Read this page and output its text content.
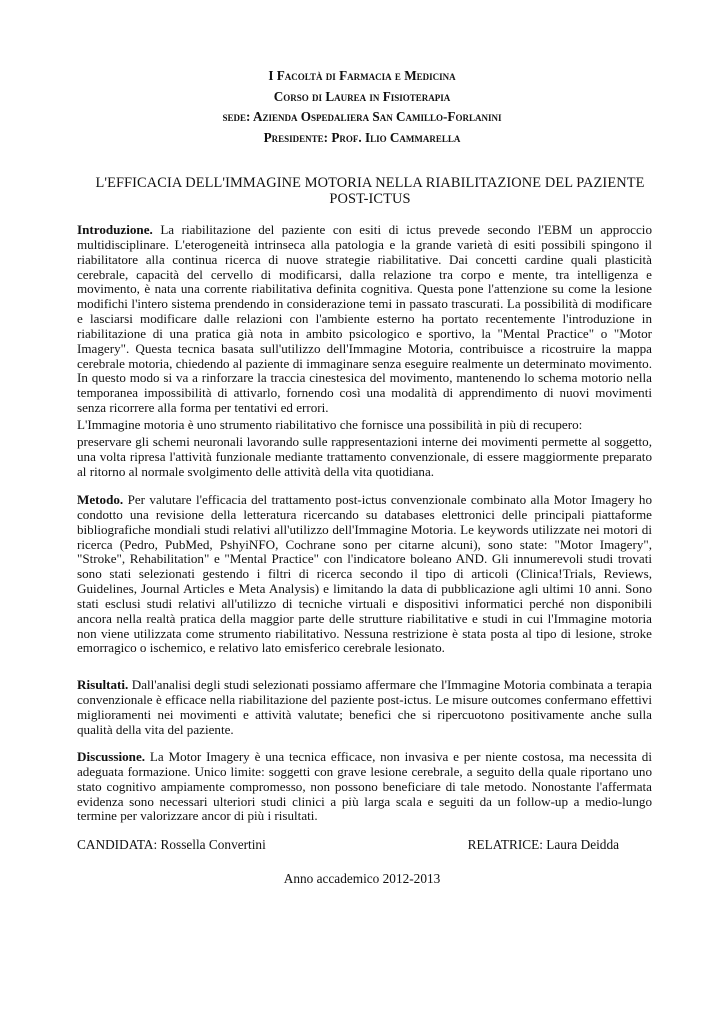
I Facoltà di Farmacia e Medicina
Corso di Laurea in Fisioterapia
sede: Azienda Ospedaliera San Camillo-Forlanini
Presidente: Prof. Ilio Cammarella
L'EFFICACIA DELL'IMMAGINE MOTORIA NELLA RIABILITAZIONE DEL PAZIENTE POST-ICTUS
Introduzione. La riabilitazione del paziente con esiti di ictus prevede secondo l'EBM un approccio multidisciplinare. L'eterogeneità intrinseca alla patologia e la grande varietà di esiti possibili spingono il riabilitatore alla continua ricerca di nuove strategie riabilitative. Dai concetti cardine quali plasticità cerebrale, capacità del cervello di modificarsi, dalla relazione tra corpo e mente, tra intelligenza e movimento, è nata una corrente riabilitativa definita cognitiva. Questa pone l'attenzione su come la lesione modifichi l'intero sistema prendendo in considerazione temi in passato trascurati. La possibilità di modificare e lasciarsi modificare dalle relazioni con l'ambiente esterno ha portato recentemente l'introduzione in riabilitazione di una pratica già nota in ambito psicologico e sportivo, la "Mental Practice" o "Motor Imagery". Questa tecnica basata sull'utilizzo dell'Immagine Motoria, contribuisce a ricostruire la mappa cerebrale motoria, chiedendo al paziente di immaginare senza eseguire realmente un determinato movimento. In questo modo si va a rinforzare la traccia cinestesica del movimento, mantenendo lo schema motorio nella temporanea impossibilità di attivarlo, fornendo così una modalità di apprendimento di nuovi movimenti senza ricorrere alla forma per tentativi ed errori.
L'Immagine motoria è uno strumento riabilitativo che fornisce una possibilità in più di recupero:
preservare gli schemi neuronali lavorando sulle rappresentazioni interne dei movimenti permette al soggetto, una volta ripresa l'attività funzionale mediante trattamento convenzionale, di essere maggiormente preparato al ritorno al normale svolgimento delle attività della vita quotidiana.
Metodo. Per valutare l'efficacia del trattamento post-ictus convenzionale combinato alla Motor Imagery ho condotto una revisione della letteratura ricercando su databases elettronici delle principali piattaforme bibliografiche mondiali studi relativi all'utilizzo dell'Immagine Motoria. Le keywords utilizzate nei motori di ricerca (Pedro, PubMed, PshyiNFO, Cochrane sono per citarne alcuni), sono state: "Motor Imagery", "Stroke", Rehabilitation" e "Mental Practice" con l'indicatore boleano AND. Gli innumerevoli studi trovati sono stati selezionati gestendo i filtri di ricerca secondo il tipo di articoli (Clinica!Trials, Reviews, Guidelines, Journal Articles e Meta Analysis) e limitando la data di pubblicazione agli ultimi 10 anni. Sono stati esclusi studi relativi all'utilizzo di tecniche virtuali e dispositivi informatici perché non disponibili ancora nella realtà pratica della maggior parte delle strutture riabilitative e studi in cui l'Immagine motoria non viene utilizzata come strumento riabilitativo. Nessuna restrizione è stata posta al tipo di lesione, stroke emorragico o ischemico, e relativo lato emisferico cerebrale lesionato.
Risultati. Dall'analisi degli studi selezionati possiamo affermare che l'Immagine Motoria combinata a terapia convenzionale è efficace nella riabilitazione del paziente post-ictus. Le misure outcomes confermano effettivi miglioramenti nei movimenti e attività valutate; benefici che si ripercuotono positivamente anche sulla qualità della vita del paziente.
Discussione. La Motor Imagery è una tecnica efficace, non invasiva e per niente costosa, ma necessita di adeguata formazione. Unico limite: soggetti con grave lesione cerebrale, a seguito della quale riportano uno stato cognitivo ampiamente compromesso, non possono beneficiare di tale metodo. Nonostante l'affermata evidenza sono necessari ulteriori studi clinici a più larga scala e seguiti da un follow-up a medio-lungo termine per valorizzare ancor di più i risultati.
CANDIDATA: Rossella Convertini	RELATRICE: Laura Deidda
Anno accademico 2012-2013
